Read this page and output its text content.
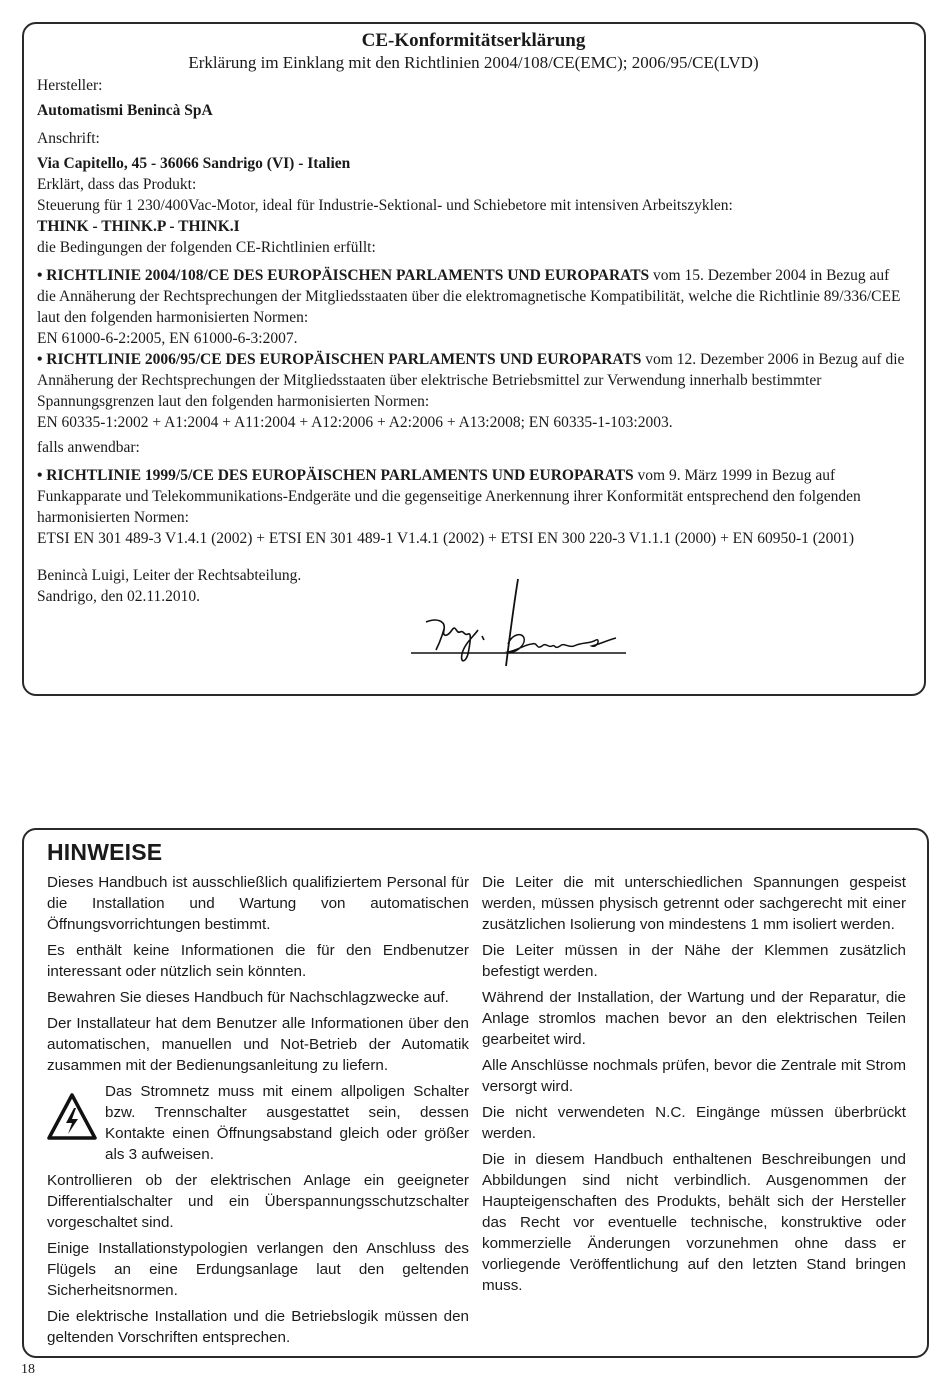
CE-Konformitätserklärung
Erklärung im Einklang mit den Richtlinien 2004/108/CE(EMC); 2006/95/CE(LVD)

Hersteller:

Automatismi Benincà SpA

Anschrift:

Via Capitello, 45 - 36066 Sandrigo (VI) - Italien

Erklärt, dass das Produkt:

Steuerung für 1 230/400Vac-Motor, ideal für Industrie-Sektional- und Schiebetore mit intensiven Arbeitszyklen:

THINK - THINK.P - THINK.I

die Bedingungen der folgenden CE-Richtlinien erfüllt:

• RICHTLINIE 2004/108/CE DES EUROPÄISCHEN PARLAMENTS UND EUROPARATS vom 15. Dezember 2004 in Bezug auf die Annäherung der Rechtsprechungen der Mitgliedsstaaten über die elektromagnetische Kompatibilität, welche die Richtlinie 89/336/CEE laut den folgenden harmonisierten Normen:

EN 61000-6-2:2005, EN 61000-6-3:2007.

• RICHTLINIE 2006/95/CE DES EUROPÄISCHEN PARLAMENTS UND EUROPARATS vom 12. Dezember 2006 in Bezug auf die Annäherung der Rechtsprechungen der Mitgliedsstaaten über elektrische Betriebsmittel zur Verwendung innerhalb bestimmter Spannungsgrenzen laut den folgenden harmonisierten Normen:

EN 60335-1:2002 + A1:2004 + A11:2004 + A12:2006 + A2:2006 + A13:2008; EN 60335-1-103:2003.

falls anwendbar:

• RICHTLINIE 1999/5/CE DES EUROPÄISCHEN PARLAMENTS UND EUROPARATS vom 9. März 1999 in Bezug auf Funkapparate und Telekommunikations-Endgeräte und die gegenseitige Anerkennung ihrer Konformität entsprechend den folgenden harmonisierten Normen:

ETSI EN 301 489-3 V1.4.1 (2002) + ETSI EN 301 489-1 V1.4.1 (2002) + ETSI EN 300 220-3 V1.1.1 (2000) + EN 60950-1 (2001)

Benincà Luigi, Leiter der Rechtsabteilung.

Sandrigo, den 02.11.2010.

HINWEISE

Dieses Handbuch ist ausschließlich qualifiziertem Personal für die Installation und Wartung von automatischen Öffnungsvorrichtungen bestimmt.

Es enthält keine Informationen die für den Endbenutzer interessant oder nützlich sein könnten.

Bewahren Sie dieses Handbuch für Nachschlagzwecke auf.

Der Installateur hat dem Benutzer alle Informationen über den automatischen, manuellen und Not-Betrieb der Automatik zusammen mit der Bedienungsanleitung zu liefern.

Das Stromnetz muss mit einem allpoligen Schalter bzw. Trennschalter ausgestattet sein, dessen Kontakte einen Öffnungsabstand gleich oder größer als 3 aufweisen.

Kontrollieren ob der elektrischen Anlage ein geeigneter Differentialschalter und ein Überspannungsschutzschalter vorgeschaltet sind.

Einige Installationstypologien verlangen den Anschluss des Flügels an eine Erdungsanlage laut den geltenden Sicherheitsnormen.

Die elektrische Installation und die Betriebslogik müssen den geltenden Vorschriften entsprechen.

Die Leiter die mit unterschiedlichen Spannungen gespeist werden, müssen physisch getrennt oder sachgerecht mit einer zusätzlichen Isolierung von mindestens 1 mm isoliert werden.

Die Leiter müssen in der Nähe der Klemmen zusätzlich befestigt werden.

Während der Installation, der Wartung und der Reparatur, die Anlage stromlos machen bevor an den elektrischen Teilen gearbeitet wird.

Alle Anschlüsse nochmals prüfen, bevor die Zentrale mit Strom versorgt wird.

Die nicht verwendeten N.C. Eingänge müssen überbrückt werden.

Die in diesem Handbuch enthaltenen Beschreibungen und Abbildungen sind nicht verbindlich. Ausgenommen der Haupteigenschaften des Produkts, behält sich der Hersteller das Recht vor eventuelle technische, konstruktive oder kommerzielle Änderungen vorzunehmen ohne dass er vorliegende Veröffentlichung auf den letzten Stand bringen muss.

18
